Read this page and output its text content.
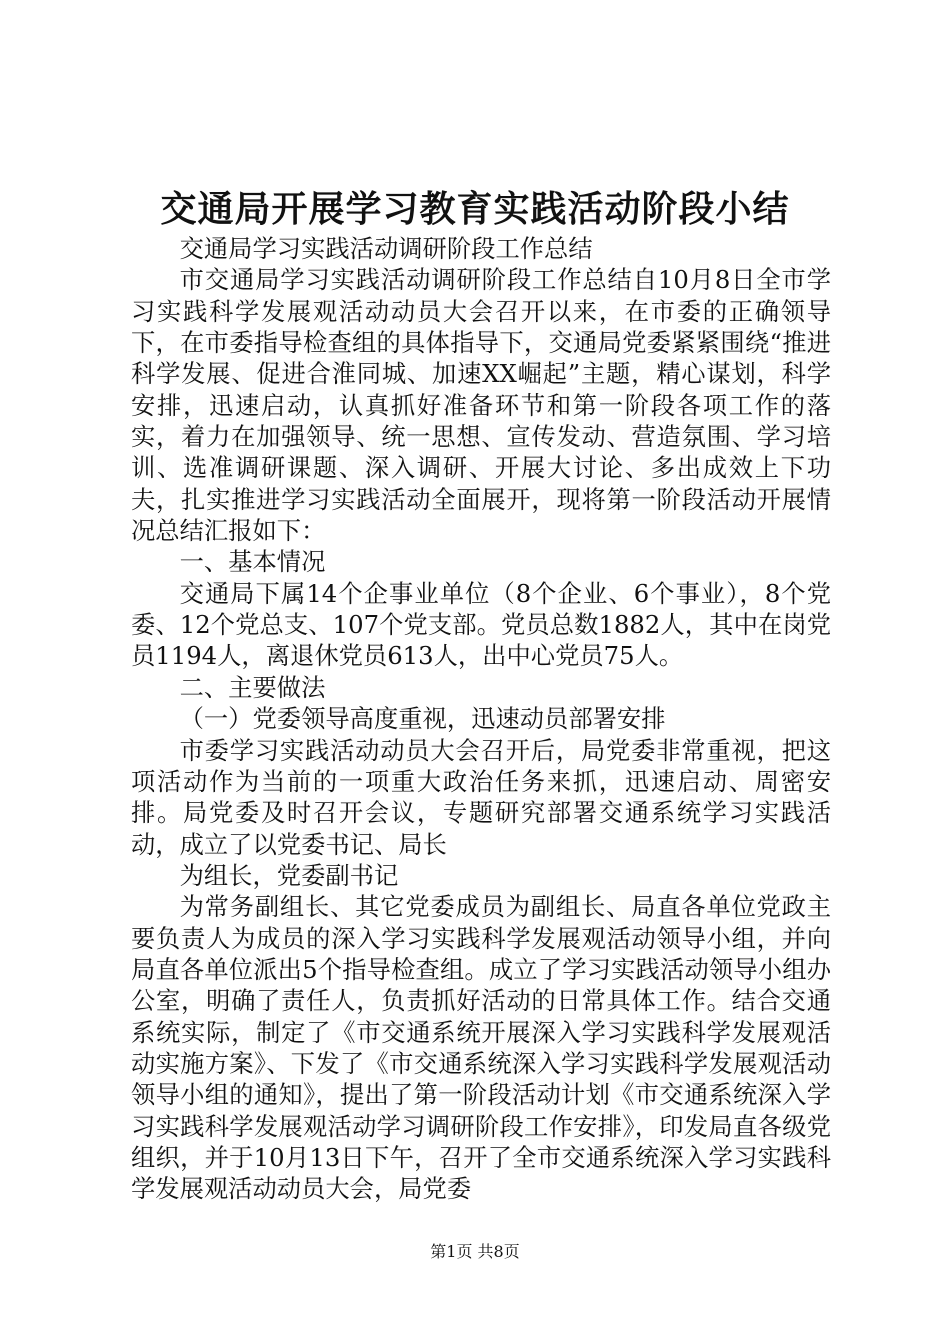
交通局开展学习教育实践活动阶段小结

交通局学习实践活动调研阶段工作总结

市交通局学习实践活动调研阶段工作总结自10月8日全市学习实践科学发展观活动动员大会召开以来，在市委的正确领导下，在市委指导检查组的具体指导下，交通局党委紧紧围绕“推进科学发展、促进合淮同城、加速XX崛起”主题，精心谋划，科学安排，迅速启动，认真抓好准备环节和第一阶段各项工作的落实，着力在加强领导、统一思想、宣传发动、营造氛围、学习培训、选准调研课题、深入调研、开展大讨论、多出成效上下功夫，扎实推进学习实践活动全面展开，现将第一阶段活动开展情况总结汇报如下：

一、基本情况

交通局下属14个企事业单位（8个企业、6个事业），8个党委、12个党总支、107个党支部。党员总数1882人，其中在岗党员1194人，离退休党员613人，出中心党员75人。

二、主要做法

（一）党委领导高度重视，迅速动员部署安排

市委学习实践活动动员大会召开后，局党委非常重视，把这项活动作为当前的一项重大政治任务来抓，迅速启动、周密安排。局党委及时召开会议，专题研究部署交通系统学习实践活动，成立了以党委书记、局长

为组长，党委副书记

为常务副组长、其它党委成员为副组长、局直各单位党政主要负责人为成员的深入学习实践科学发展观活动领导小组，并向局直各单位派出5个指导检查组。成立了学习实践活动领导小组办公室，明确了责任人，负责抓好活动的日常具体工作。结合交通系统实际，制定了《市交通系统开展深入学习实践科学发展观活动实施方案》、下发了《市交通系统深入学习实践科学发展观活动领导小组的通知》，提出了第一阶段活动计划《市交通系统深入学习实践科学发展观活动学习调研阶段工作安排》，印发局直各级党组织，并于10月13日下午，召开了全市交通系统深入学习实践科学发展观活动动员大会，局党委

第1页 共8页
